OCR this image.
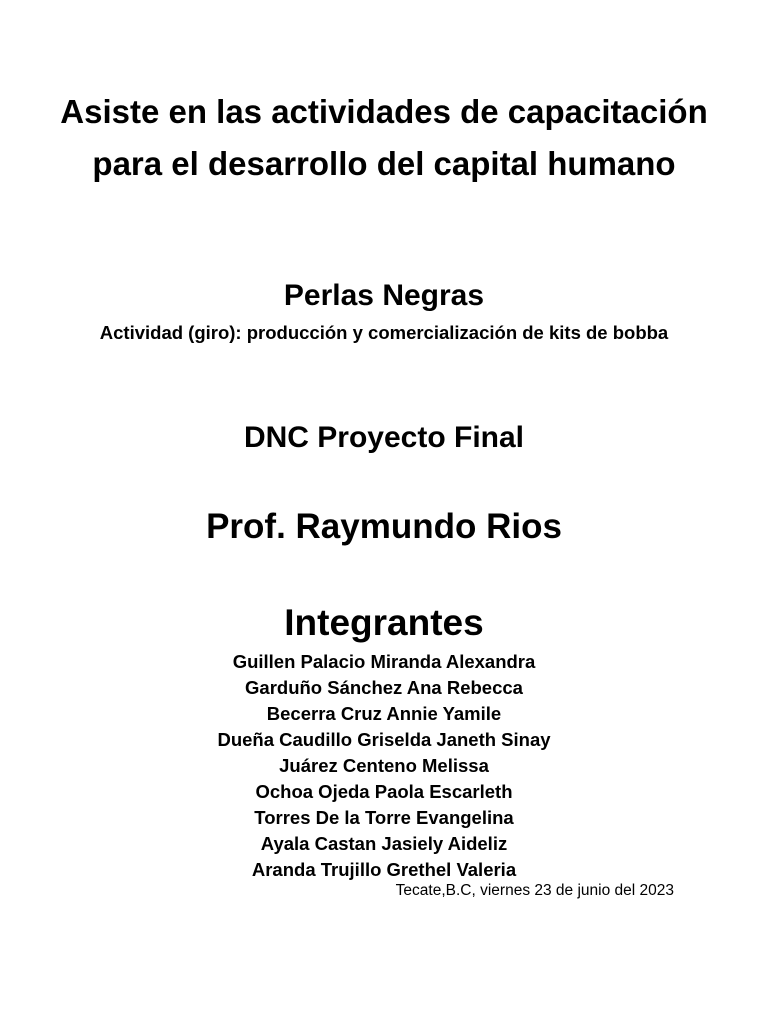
Asiste en las actividades de capacitación para el desarrollo del capital humano
Perlas Negras

Actividad (giro): producción y comercialización de kits de bobba

DNC Proyecto Final
Prof. Raymundo Rios
Integrantes
Guillen Palacio Miranda Alexandra
Garduño Sánchez Ana Rebecca
Becerra Cruz Annie Yamile
Dueña Caudillo Griselda Janeth Sinay
Juárez Centeno Melissa
Ochoa Ojeda Paola Escarleth
Torres De la Torre Evangelina
Ayala Castan Jasiely Aideliz
Aranda Trujillo Grethel Valeria

Tecate,B.C, viernes 23 de junio del 2023
